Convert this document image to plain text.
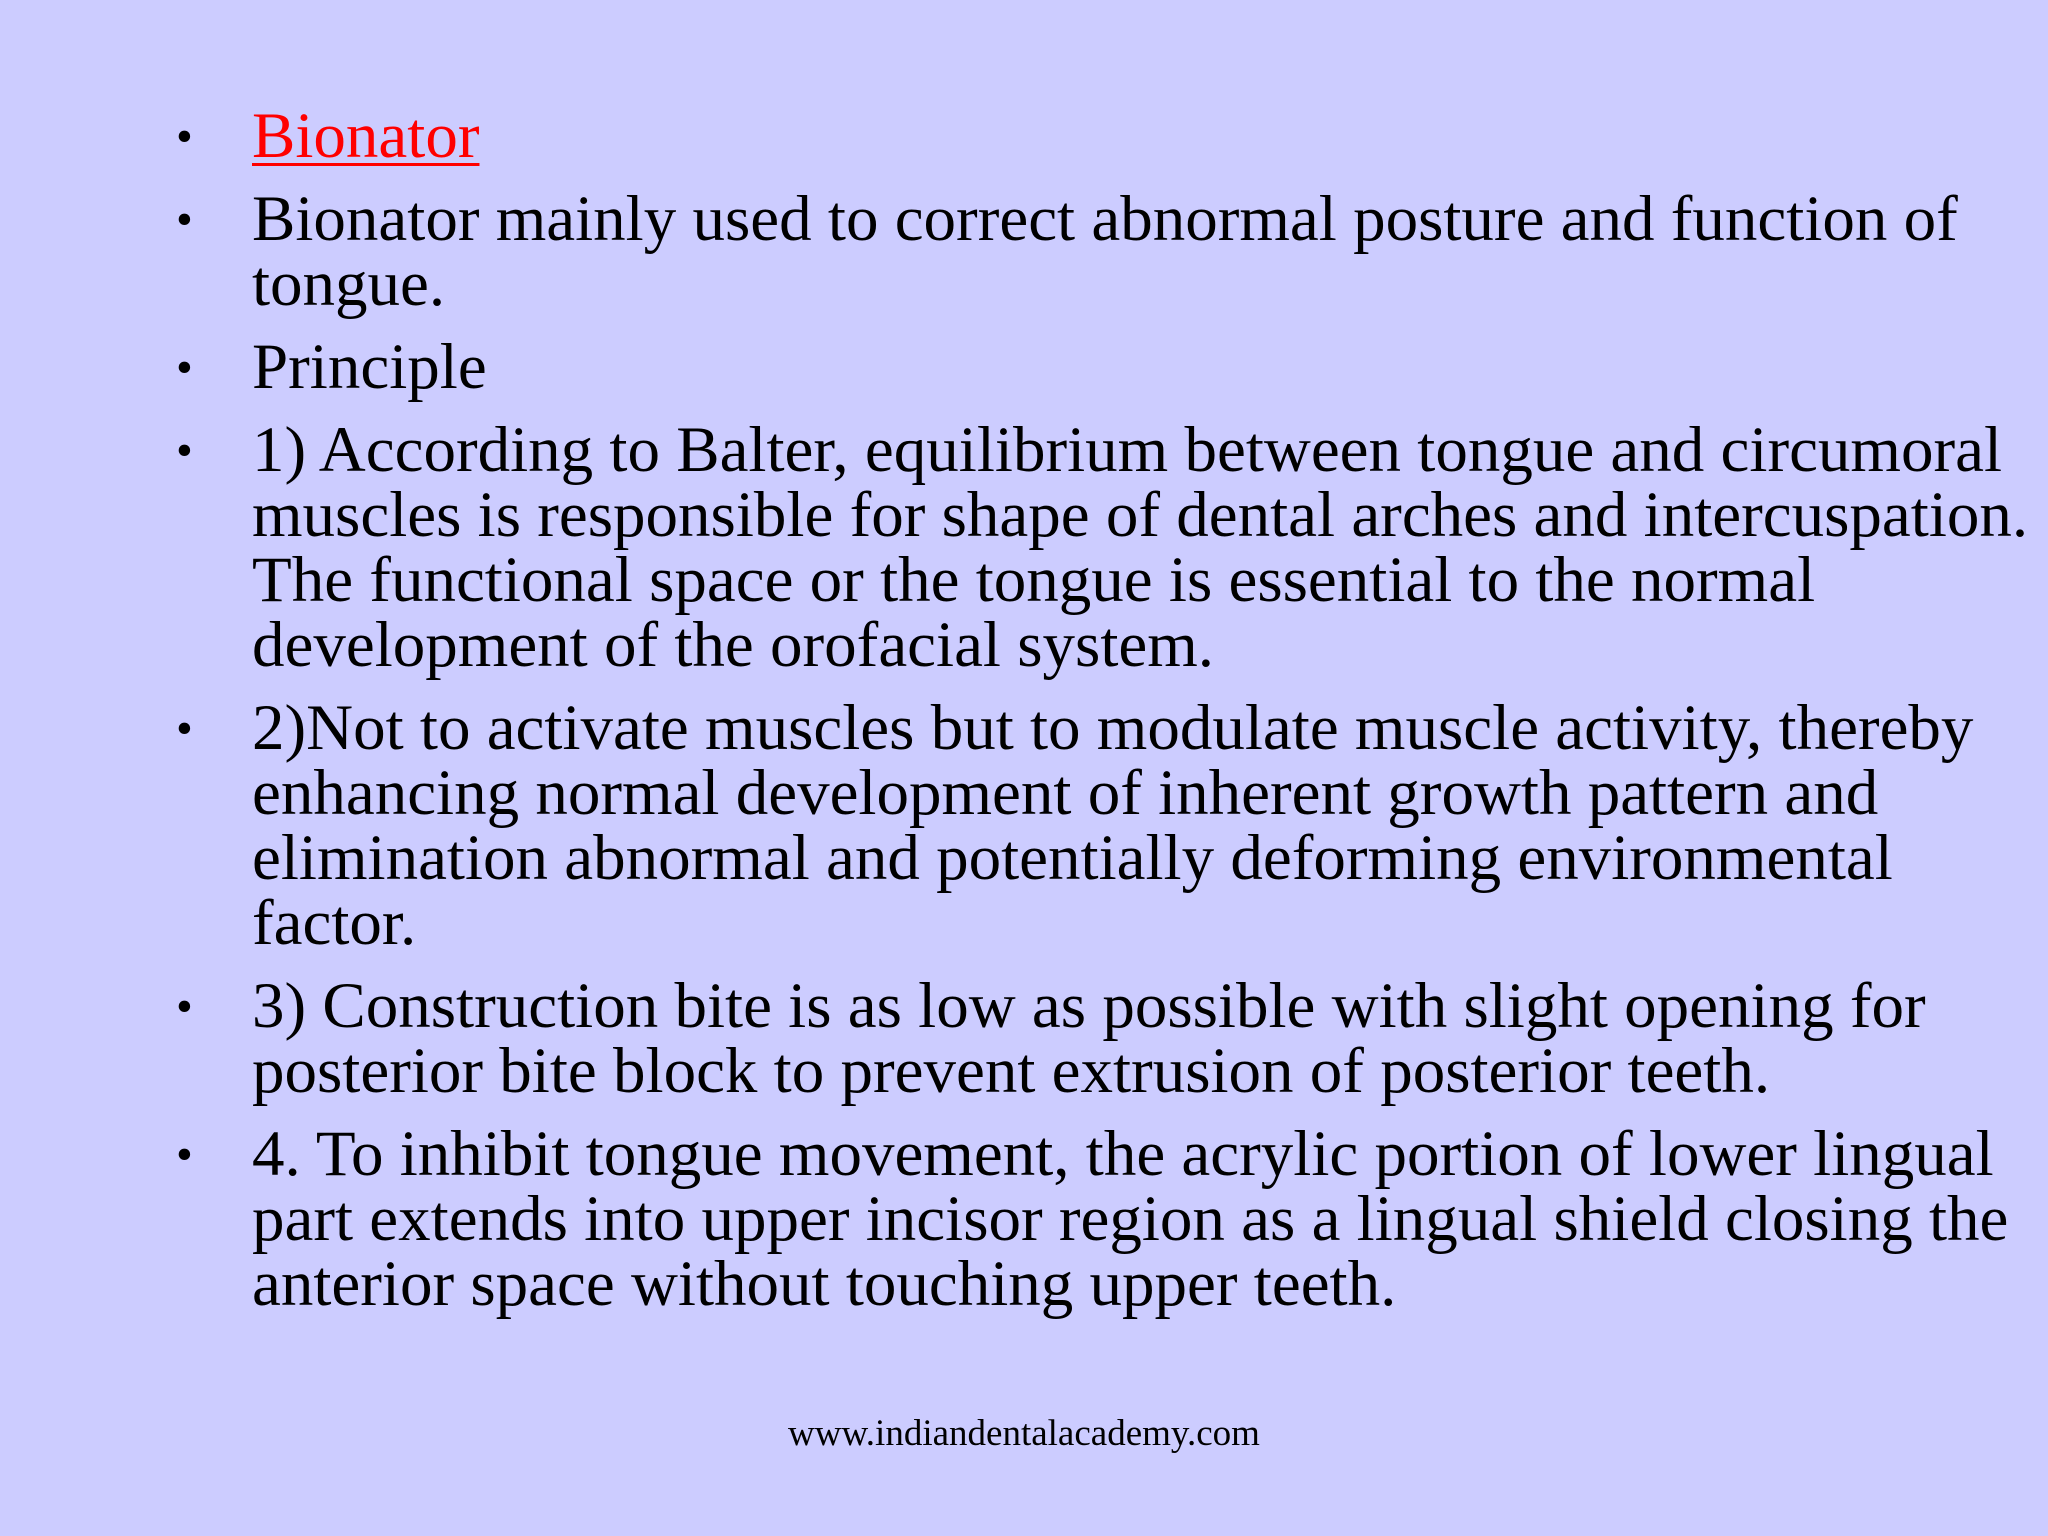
• Bionator
• Bionator mainly used to correct abnormal posture and function of tongue.
• Principle
• 1) According to Balter, equilibrium between tongue and circumoral muscles is responsible for shape of dental arches and intercuspation. The functional space or the tongue is essential to the normal development of the orofacial system.
• 2)Not to activate muscles but to modulate muscle activity, thereby enhancing normal development of inherent growth pattern and elimination abnormal and potentially deforming environmental factor.
• 3) Construction bite is as low as possible with slight opening for posterior bite block to prevent extrusion of posterior teeth.
• 4. To inhibit tongue movement, the acrylic portion of lower lingual part extends into upper incisor region as a lingual shield closing the anterior space without touching upper teeth.
www.indiandentalacademy.com
